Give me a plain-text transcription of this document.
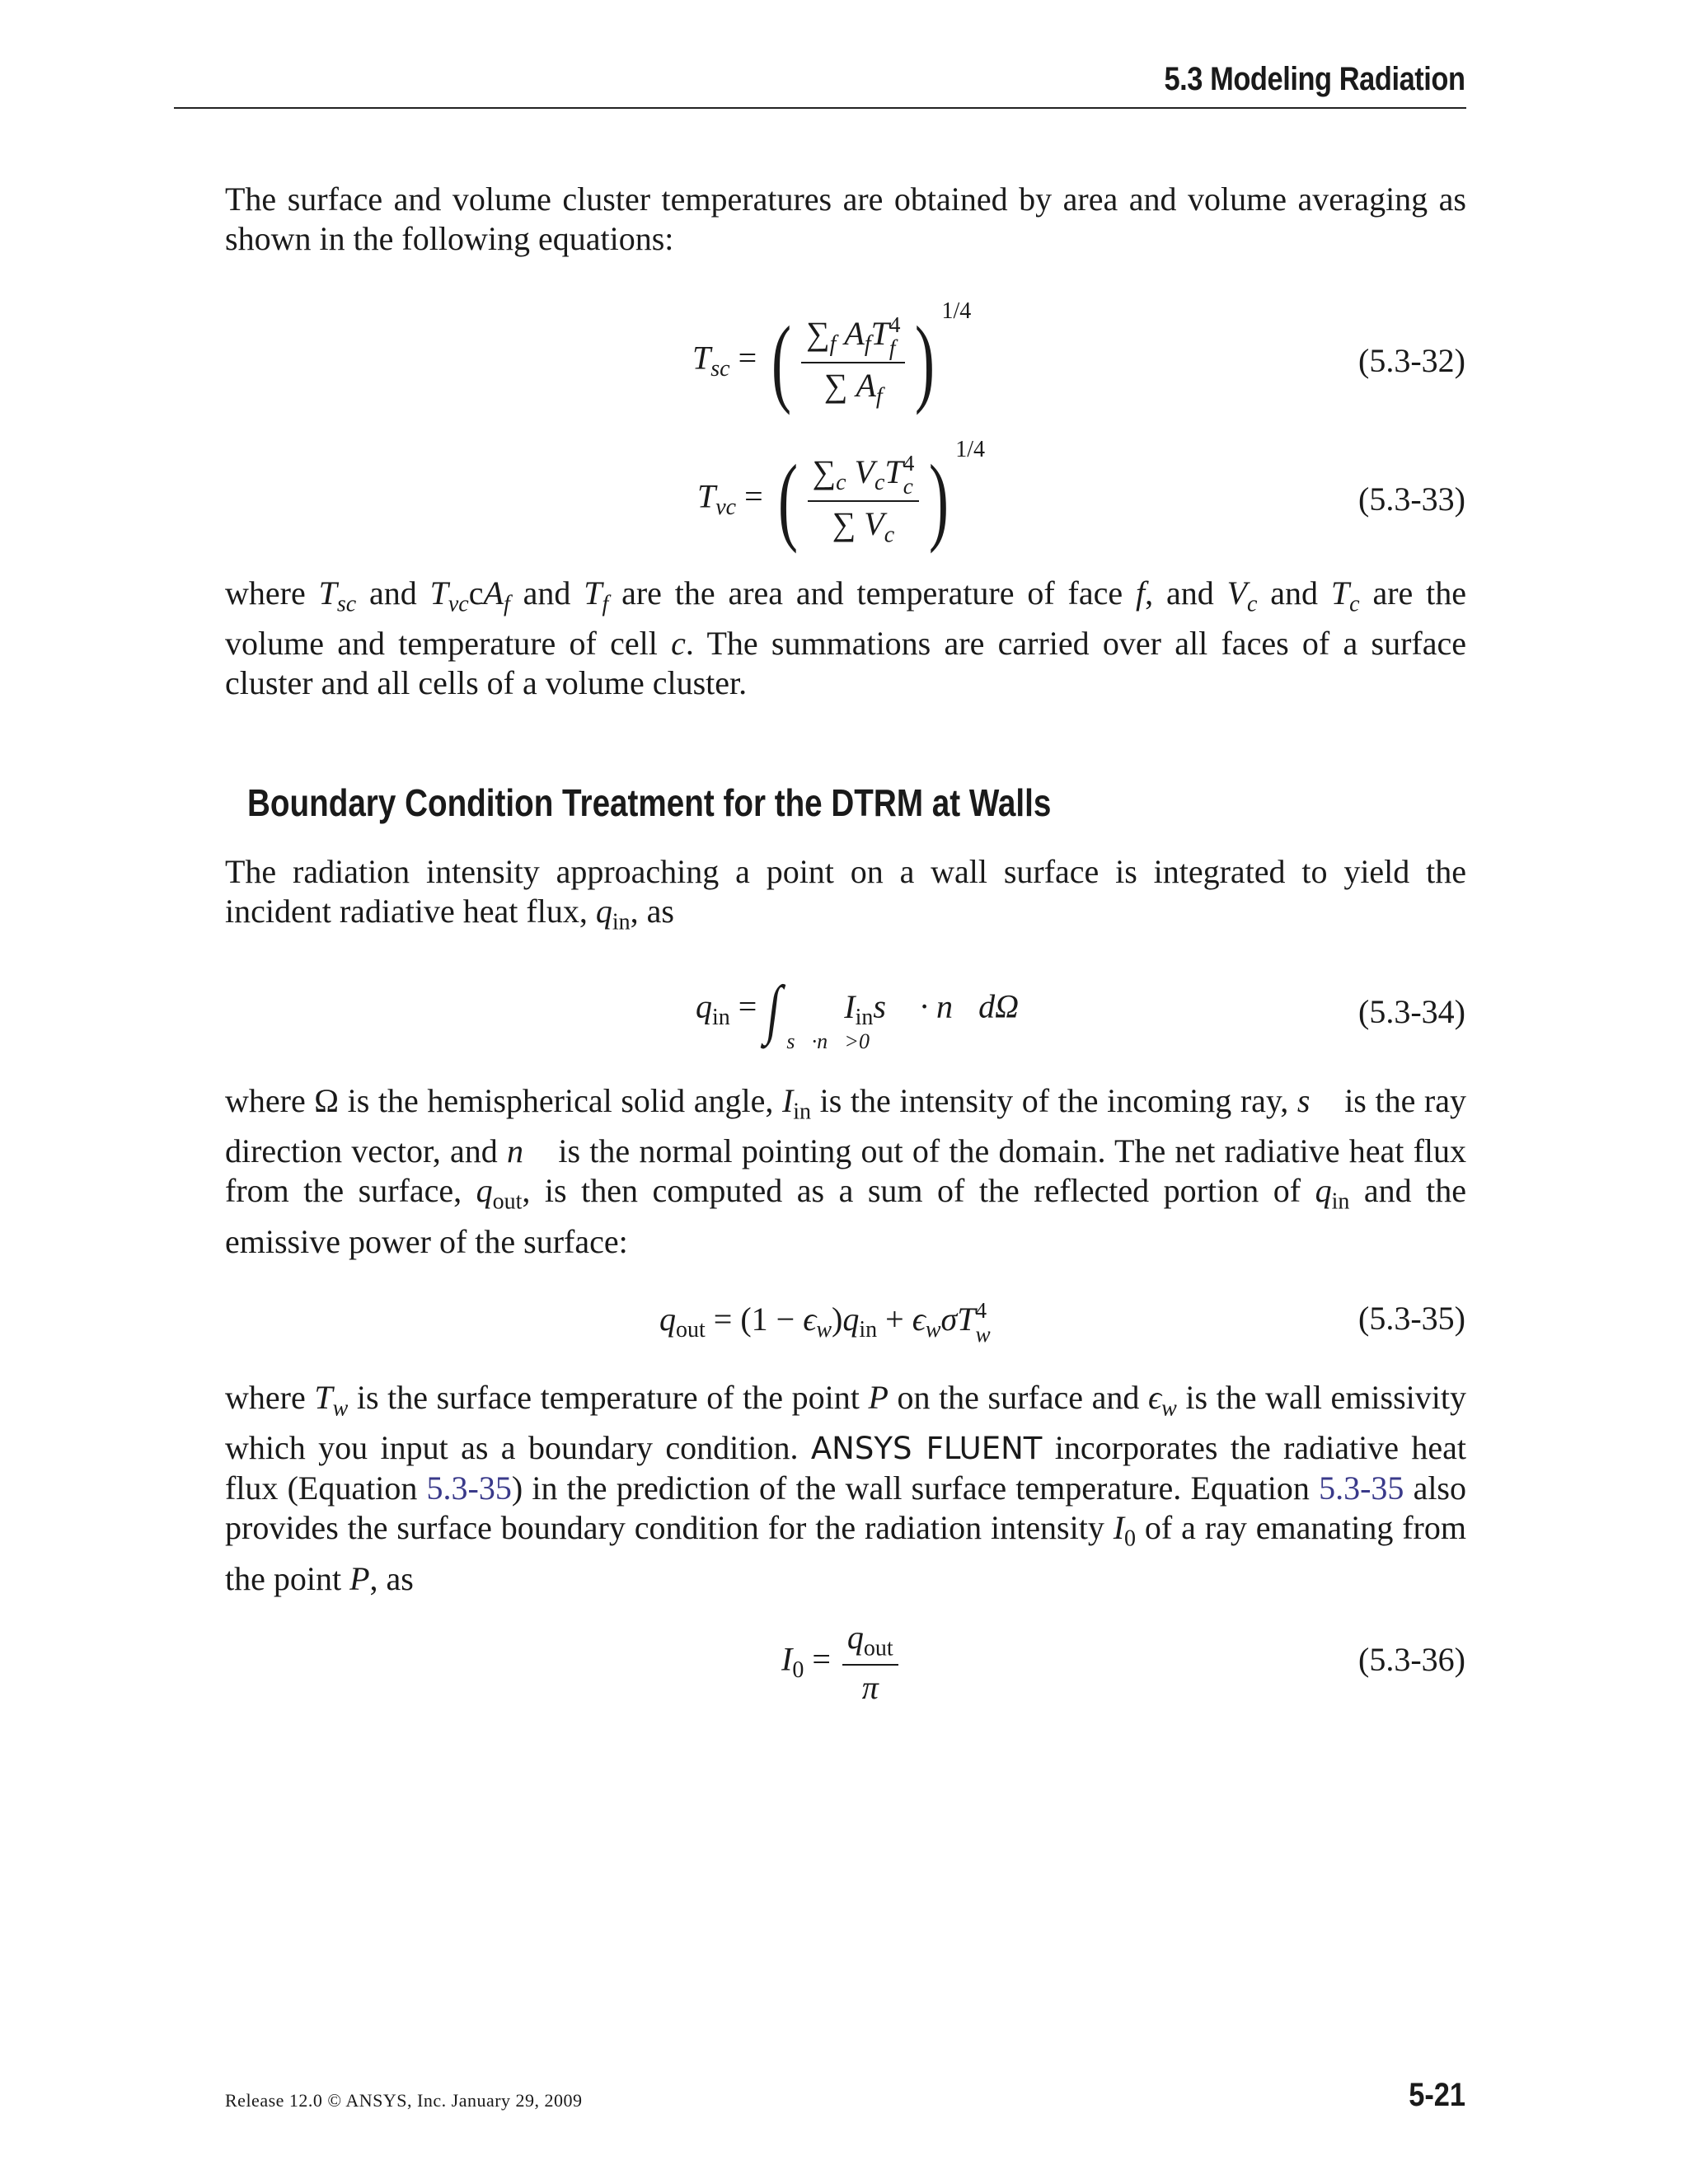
5.3 Modeling Radiation
The surface and volume cluster temperatures are obtained by area and volume averaging as shown in the following equations:
$T_{sc}$ = ( $\sum_f$ $A_fT$ 4
f
∑ $A_f$ ) $^{1/4}$
(5.3-32)
$T_{vc}$ = ( $\sum_c$ $V_cT$ 4
c
∑ $V_c$ ) $^{1/4}$
(5.3-33)
where $T_{sc}$ and $T_{vc}cA_f$ and $T_f$ are the area and temperature of face f, and $V_c$ and $T_c$ are the volume and temperature of cell c. The summations are carried over all faces of a surface cluster and all cells of a volume cluster.
Boundary Condition Treatment for the DTRM at Walls
The radiation intensity approaching a point on a wall surface is integrated to yield the incident radiative heat flux, $q_{in}$, as
$q_{in}$ = ∫ s⃗·n⃗>0
$I_{in}s⃗$ · n⃗dΩ	(5.3-34)
where Ω is the hemispherical solid angle, $I_{in}$ is the intensity of the incoming ray, s⃗ is the ray direction vector, and n⃗ is the normal pointing out of the domain. The net radiative heat flux from the surface, $q_{out}$, is then computed as a sum of the reflected portion of $q_{in}$ and the emissive power of the surface:
$q_{out} = (1 - \epsilon_w)q_{in} + \epsilon_w\sigma T$ 4
w	(5.3-35)
where $T_w$ is the surface temperature of the point P on the surface and $\epsilon_w$ is the wall emissivity which you input as a boundary condition. ANSYS FLUENT incorporates the radiative heat flux (Equation 5.3-35) in the prediction of the wall surface temperature. Equation 5.3-35 also provides the surface boundary condition for the radiation intensity $I_0$ of a ray emanating from the point P, as
$I_0 = \frac{q_{out}}{\pi}$	(5.3-36)
Release 12.0 © ANSYS, Inc. January 29, 2009	5-21
